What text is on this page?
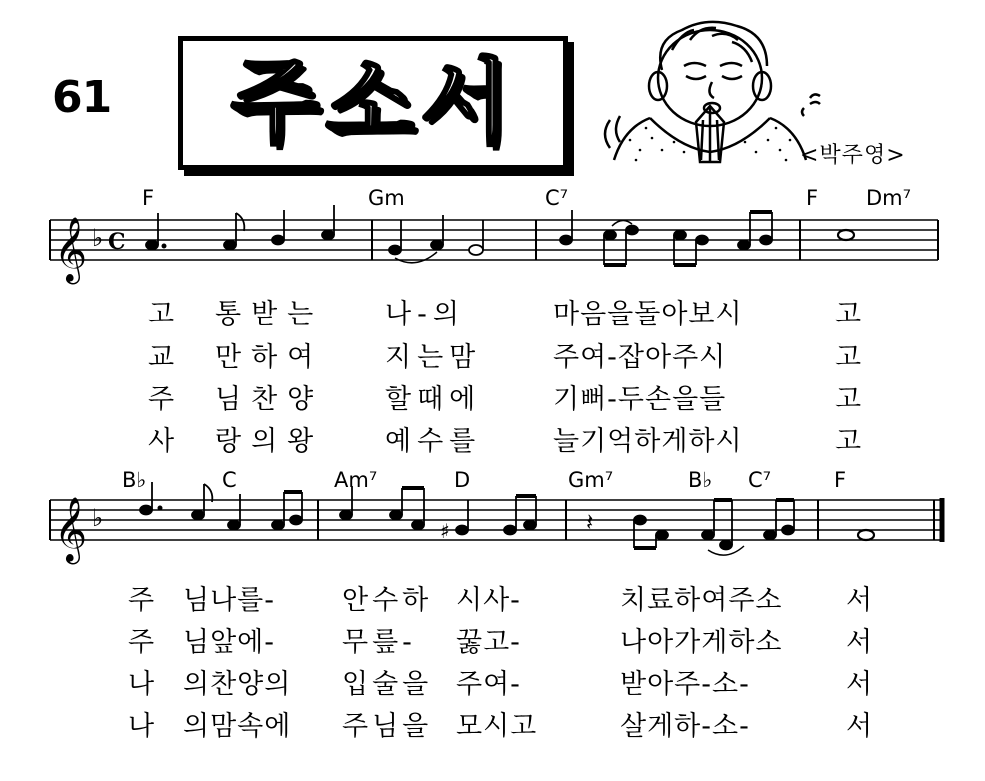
61 주소서	<박주영>
F	Gm	C⁷	F Dm⁷
𝄞 ♭ C
고 통받는 나-의	마음을돌아보시	고
교 만하여 지는맘	주여-잡아주시	고
주 님찬양 할때에	기뻐-두손을들	고
사 랑의왕 예수를	늘기억하게하시	고
B♭	C	Am⁷	D	Gm⁷	B♭ C⁷	F
𝄞 ♭	♯	𝄽
주 님나를- 안수하 시사-	치료하여주소 서
주 님앞에- 무릎- 꿇고-	나아가게하소 서
나 의찬양의 입술을 주여-	받아주-소-	서
나 의맘속에 주님을 모시고	살게하-소-	서
